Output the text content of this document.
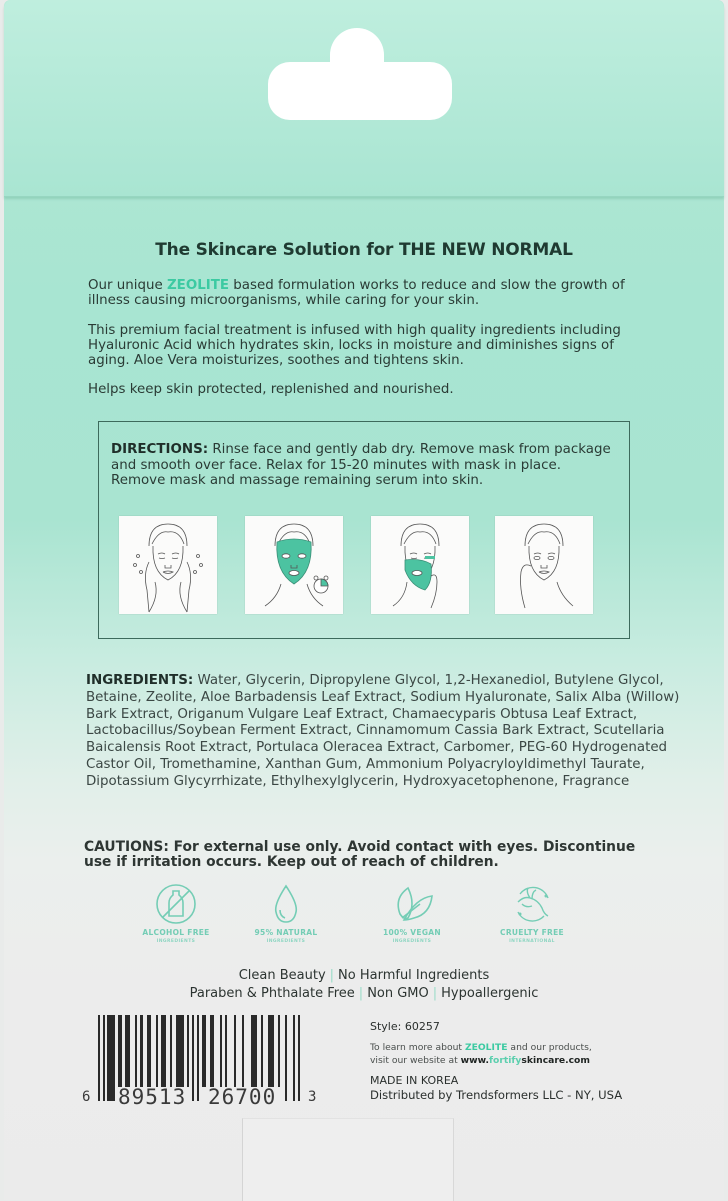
The Skincare Solution for THE NEW NORMAL
Our unique ZEOLITE based formulation works to reduce and slow the growth of illness causing microorganisms, while caring for your skin.
This premium facial treatment is infused with high quality ingredients including Hyaluronic Acid which hydrates skin, locks in moisture and diminishes signs of aging. Aloe Vera moisturizes, soothes and tightens skin.
Helps keep skin protected, replenished and nourished.
DIRECTIONS: Rinse face and gently dab dry. Remove mask from package and smooth over face. Relax for 15-20 minutes with mask in place. Remove mask and massage remaining serum into skin.
INGREDIENTS: Water, Glycerin, Dipropylene Glycol, 1,2-Hexanediol, Butylene Glycol, Betaine, Zeolite, Aloe Barbadensis Leaf Extract, Sodium Hyaluronate, Salix Alba (Willow) Bark Extract, Origanum Vulgare Leaf Extract, Chamaecyparis Obtusa Leaf Extract, Lactobacillus/Soybean Ferment Extract, Cinnamomum Cassia Bark Extract, Scutellaria Baicalensis Root Extract, Portulaca Oleracea Extract, Carbomer, PEG-60 Hydrogenated Castor Oil, Tromethamine, Xanthan Gum, Ammonium Polyacryloyldimethyl Taurate, Dipotassium Glycyrrhizate, Ethylhexylglycerin, Hydroxyacetophenone, Fragrance
CAUTIONS: For external use only. Avoid contact with eyes. Discontinue use if irritation occurs. Keep out of reach of children.
ALCOHOL FREE
INGREDIENTS
95% NATURAL
INGREDIENTS
100% VEGAN
INGREDIENTS
CRUELTY FREE
INTERNATIONAL
Clean Beauty | No Harmful Ingredients
Paraben & Phthalate Free | Non GMO | Hypoallergenic
6 89513 26700 3
Style: 60257
To learn more about ZEOLITE and our products,
visit our website at www.fortifyskincare.com
MADE IN KOREA
Distributed by Trendsformers LLC - NY, USA
